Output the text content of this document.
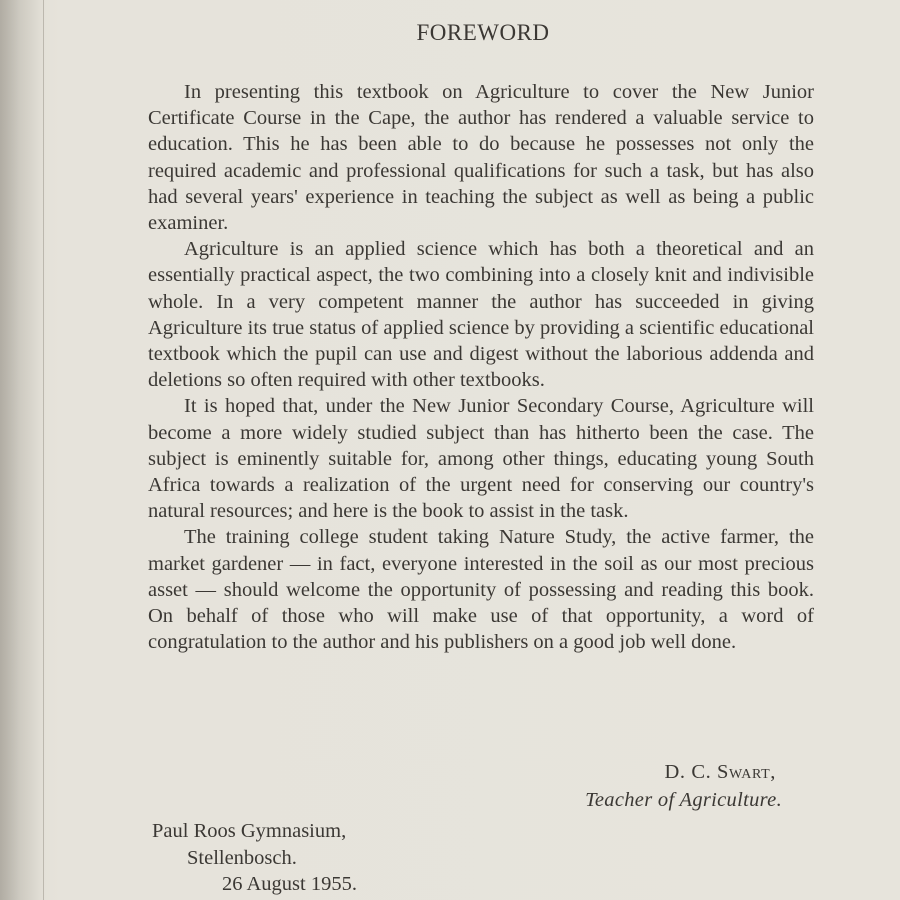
FOREWORD

In presenting this textbook on Agriculture to cover the New Junior Certificate Course in the Cape, the author has rendered a valuable service to education. This he has been able to do because he possesses not only the required academic and professional qualifications for such a task, but has also had several years' experience in teaching the subject as well as being a public examiner.

Agriculture is an applied science which has both a theoretical and an essentially practical aspect, the two combining into a closely knit and indivisible whole. In a very competent manner the author has succeeded in giving Agriculture its true status of applied science by providing a scientific educational textbook which the pupil can use and digest without the laborious addenda and deletions so often required with other textbooks.

It is hoped that, under the New Junior Secondary Course, Agriculture will become a more widely studied subject than has hitherto been the case. The subject is eminently suitable for, among other things, educating young South Africa towards a realization of the urgent need for conserving our country's natural resources; and here is the book to assist in the task.

The training college student taking Nature Study, the active farmer, the market gardener — in fact, everyone interested in the soil as our most precious asset — should welcome the opportunity of possessing and reading this book. On behalf of those who will make use of that opportunity, a word of congratulation to the author and his publishers on a good job well done.

D. C. Swart,
Teacher of Agriculture.
Paul Roos Gymnasium,
Stellenbosch.
26 August 1955.
